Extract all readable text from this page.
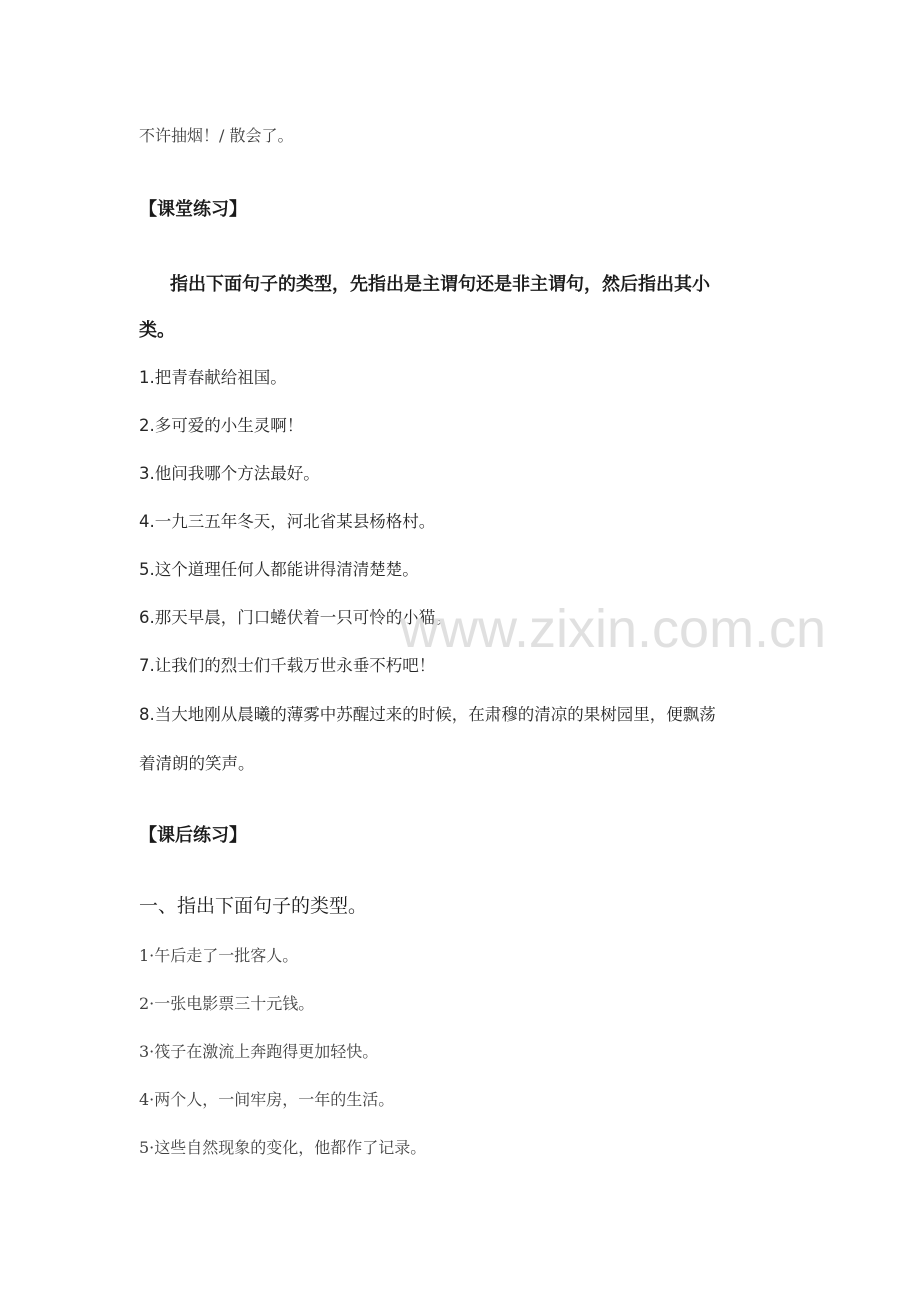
不许抽烟！/ 散会了。
【课堂练习】
指出下面句子的类型，先指出是主谓句还是非主谓句，然后指出其小
类。
1.把青春献给祖国。
2.多可爱的小生灵啊！
3.他问我哪个方法最好。
4.一九三五年冬天，河北省某县杨格村。
5.这个道理任何人都能讲得清清楚楚。
6.那天早晨，门口蜷伏着一只可怜的小猫。
7.让我们的烈士们千载万世永垂不朽吧！
8.当大地刚从晨曦的薄雾中苏醒过来的时候，在肃穆的清凉的果树园里，便飘荡
着清朗的笑声。
【课后练习】
一、指出下面句子的类型。
1·午后走了一批客人。
2·一张电影票三十元钱。
3·筏子在激流上奔跑得更加轻快。
4·两个人，一间牢房，一年的生活。
5·这些自然现象的变化，他都作了记录。
www.zixin.com.cn
